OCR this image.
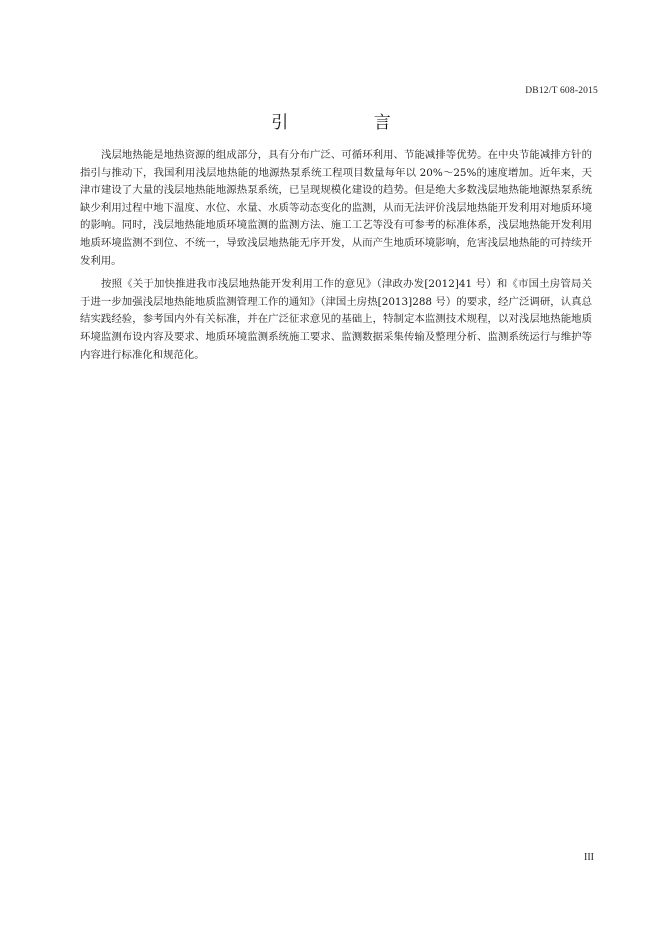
DB12/T 608-2015
引 言

浅层地热能是地热资源的组成部分，具有分布广泛、可循环利用、节能减排等优势。在中央节能减排方针的指引与推动下，我国利用浅层地热能的地源热泵系统工程项目数量每年以 20%～25%的速度增加。近年来，天津市建设了大量的浅层地热能地源热泵系统，已呈现规模化建设的趋势。但是绝大多数浅层地热能地源热泵系统缺少利用过程中地下温度、水位、水量、水质等动态变化的监测，从而无法评价浅层地热能开发利用对地质环境的影响。同时，浅层地热能地质环境监测的监测方法、施工工艺等没有可参考的标准体系，浅层地热能开发利用地质环境监测不到位、不统一，导致浅层地热能无序开发，从而产生地质环境影响，危害浅层地热能的可持续开发利用。

按照《关于加快推进我市浅层地热能开发利用工作的意见》（津政办发[2012]41 号）和《市国土房管局关于进一步加强浅层地热能地质监测管理工作的通知》（津国土房热[2013]288 号）的要求，经广泛调研，认真总结实践经验，参考国内外有关标准，并在广泛征求意见的基础上，特制定本监测技术规程，以对浅层地热能地质环境监测布设内容及要求、地质环境监测系统施工要求、监测数据采集传输及整理分析、监测系统运行与维护等内容进行标准化和规范化。

III
